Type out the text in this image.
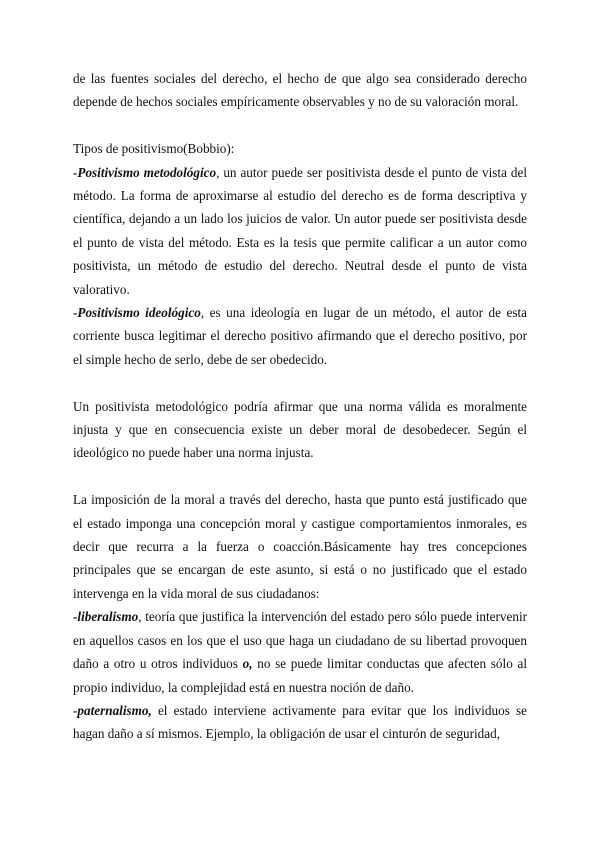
de las fuentes sociales del derecho, el hecho de que algo sea considerado derecho depende de hechos sociales empíricamente observables y no de su valoración moral.

Tipos de positivismo(Bobbio):

-Positivismo metodológico, un autor puede ser positivista desde el punto de vista del método. La forma de aproximarse al estudio del derecho es de forma descriptiva y científica, dejando a un lado los juicios de valor. Un autor puede ser positivista desde el punto de vista del método. Esta es la tesis que permite calificar a un autor como positivista, un método de estudio del derecho. Neutral desde el punto de vista valorativo.

-Positivismo ideológico, es una ideología en lugar de un método, el autor de esta corriente busca legitimar el derecho positivo afirmando que el derecho positivo, por el simple hecho de serlo, debe de ser obedecido.

Un positivista metodológico podría afirmar que una norma válida es moralmente injusta y que en consecuencia existe un deber moral de desobedecer. Según el ideológico no puede haber una norma injusta.

La imposición de la moral a través del derecho, hasta que punto está justificado que el estado imponga una concepción moral y castigue comportamientos inmorales, es decir que recurra a la fuerza o coacción.Básicamente hay tres concepciones principales que se encargan de este asunto, si está o no justificado que el estado intervenga en la vida moral de sus ciudadanos:

-liberalismo, teoría que justifica la intervención del estado pero sólo puede intervenir en aquellos casos en los que el uso que haga un ciudadano de su libertad provoquen daño a otro u otros individuos o, no se puede limitar conductas que afecten sólo al propio individuo, la complejidad está en nuestra noción de daño.

-paternalismo, el estado interviene activamente para evitar que los individuos se hagan daño a sí mismos. Ejemplo, la obligación de usar el cinturón de seguridad,
